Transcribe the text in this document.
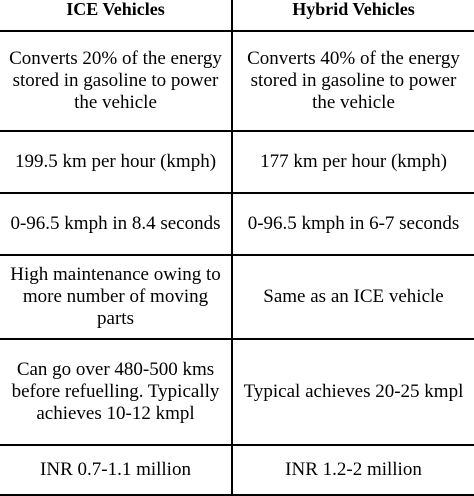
ICE Vehicles	Hybrid Vehicles
Converts 20% of the energy stored in gasoline to power the vehicle	Converts 40% of the energy stored in gasoline to power the vehicle
199.5 km per hour (kmph)	177 km per hour (kmph)
0-96.5 kmph in 8.4 seconds	0-96.5 kmph in 6-7 seconds
High maintenance owing to more number of moving parts	Same as an ICE vehicle
Can go over 480-500 kms before refuelling. Typically achieves 10-12 kmpl	Typical achieves 20-25 kmpl
INR 0.7-1.1 million	INR 1.2-2 million
